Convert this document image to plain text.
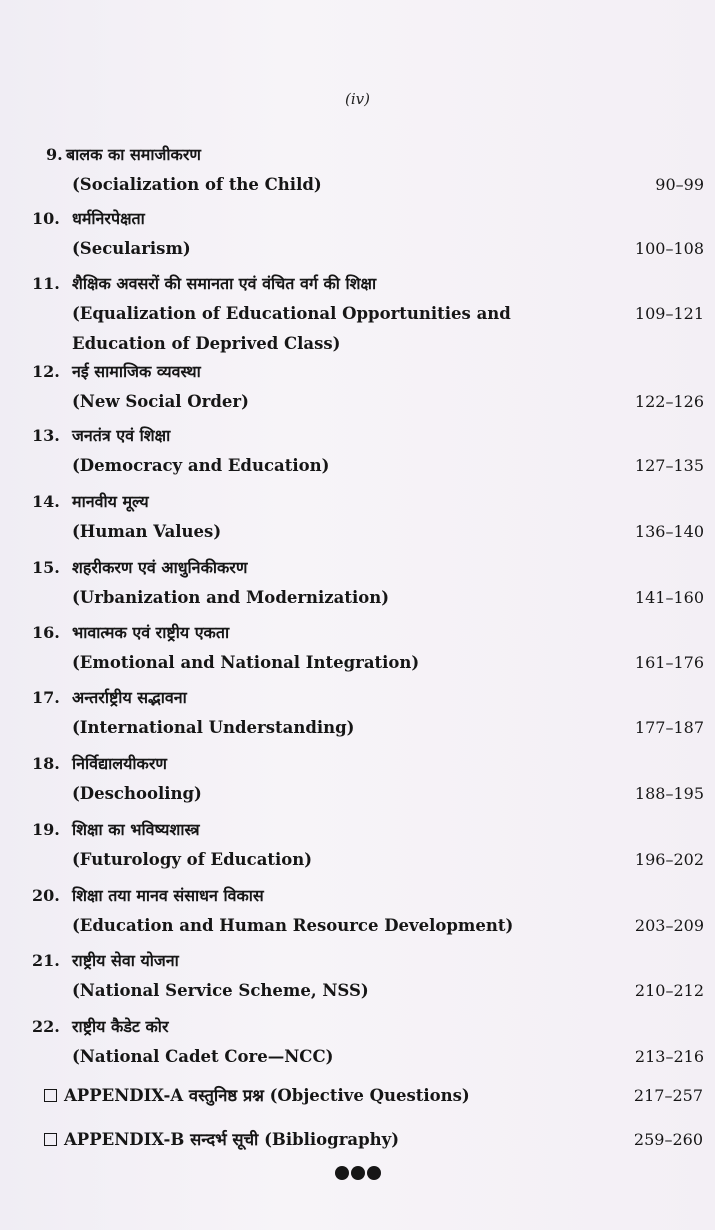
(iv)
9. बालक का समाजीकरण
(Socialization of the Child)	90–99
10. धर्मनिरपेक्षता
(Secularism)	100–108
11. शैक्षिक अवसरों की समानता एवं वंचित वर्ग की शिक्षा
(Equalization of Educational Opportunities and	109–121
Education of Deprived Class)
12. नई सामाजिक व्यवस्था
(New Social Order)	122–126
13. जनतंत्र एवं शिक्षा
(Democracy and Education)	127–135
14. मानवीय मूल्य
(Human Values)	136–140
15. शहरीकरण एवं आधुनिकीकरण
(Urbanization and Modernization)	141–160
16. भावात्मक एवं राष्ट्रीय एकता
(Emotional and National Integration)	161–176
17. अन्तर्राष्ट्रीय सद्भावना
(International Understanding)	177–187
18. निर्विद्यालयीकरण
(Deschooling)	188–195
19. शिक्षा का भविष्यशास्त्र
(Futurology of Education)	196–202
20. शिक्षा तया मानव संसाधन विकास
(Education and Human Resource Development)	203–209
21. राष्ट्रीय सेवा योजना
(National Service Scheme, NSS)	210–212
22. राष्ट्रीय कैडेट कोर
(National Cadet Core—NCC)	213–216
APPENDIX-A वस्तुनिष्ठ प्रश्न (Objective Questions)	217–257
APPENDIX-B सन्दर्भ सूची (Bibliography)	259–260
